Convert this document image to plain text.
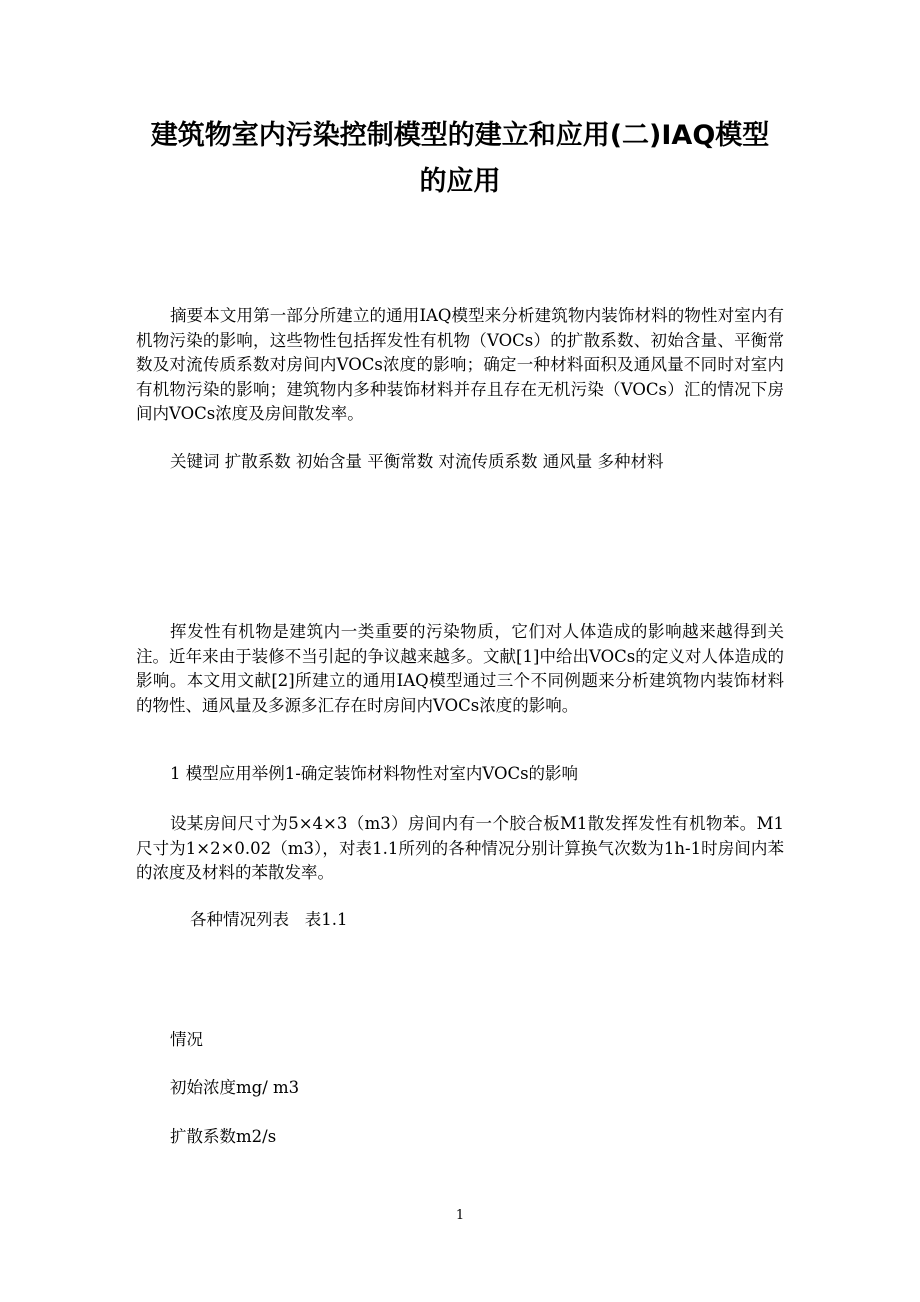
建筑物室内污染控制模型的建立和应用(二)IAQ模型
的应用

摘要本文用第一部分所建立的通用IAQ模型来分析建筑物内装饰材料的物性对室内有机物污染的影响，这些物性包括挥发性有机物（VOCs）的扩散系数、初始含量、平衡常数及对流传质系数对房间内VOCs浓度的影响；确定一种材料面积及通风量不同时对室内有机物污染的影响；建筑物内多种装饰材料并存且存在无机污染（VOCs）汇的情况下房间内VOCs浓度及房间散发率。

关键词 扩散系数 初始含量 平衡常数 对流传质系数 通风量 多种材料

挥发性有机物是建筑内一类重要的污染物质，它们对人体造成的影响越来越得到关注。近年来由于装修不当引起的争议越来越多。文献[1]中给出VOCs的定义对人体造成的影响。本文用文献[2]所建立的通用IAQ模型通过三个不同例题来分析建筑物内装饰材料的物性、通风量及多源多汇存在时房间内VOCs浓度的影响。

1 模型应用举例1-确定装饰材料物性对室内VOCs的影响

设某房间尺寸为5×4×3（m3）房间内有一个胶合板M1散发挥发性有机物苯。M1尺寸为1×2×0.02（m3），对表1.1所列的各种情况分别计算换气次数为1h-1时房间内苯的浓度及材料的苯散发率。

各种情况列表   表1.1

情况

初始浓度mg/ m3

扩散系数m2/s

1
